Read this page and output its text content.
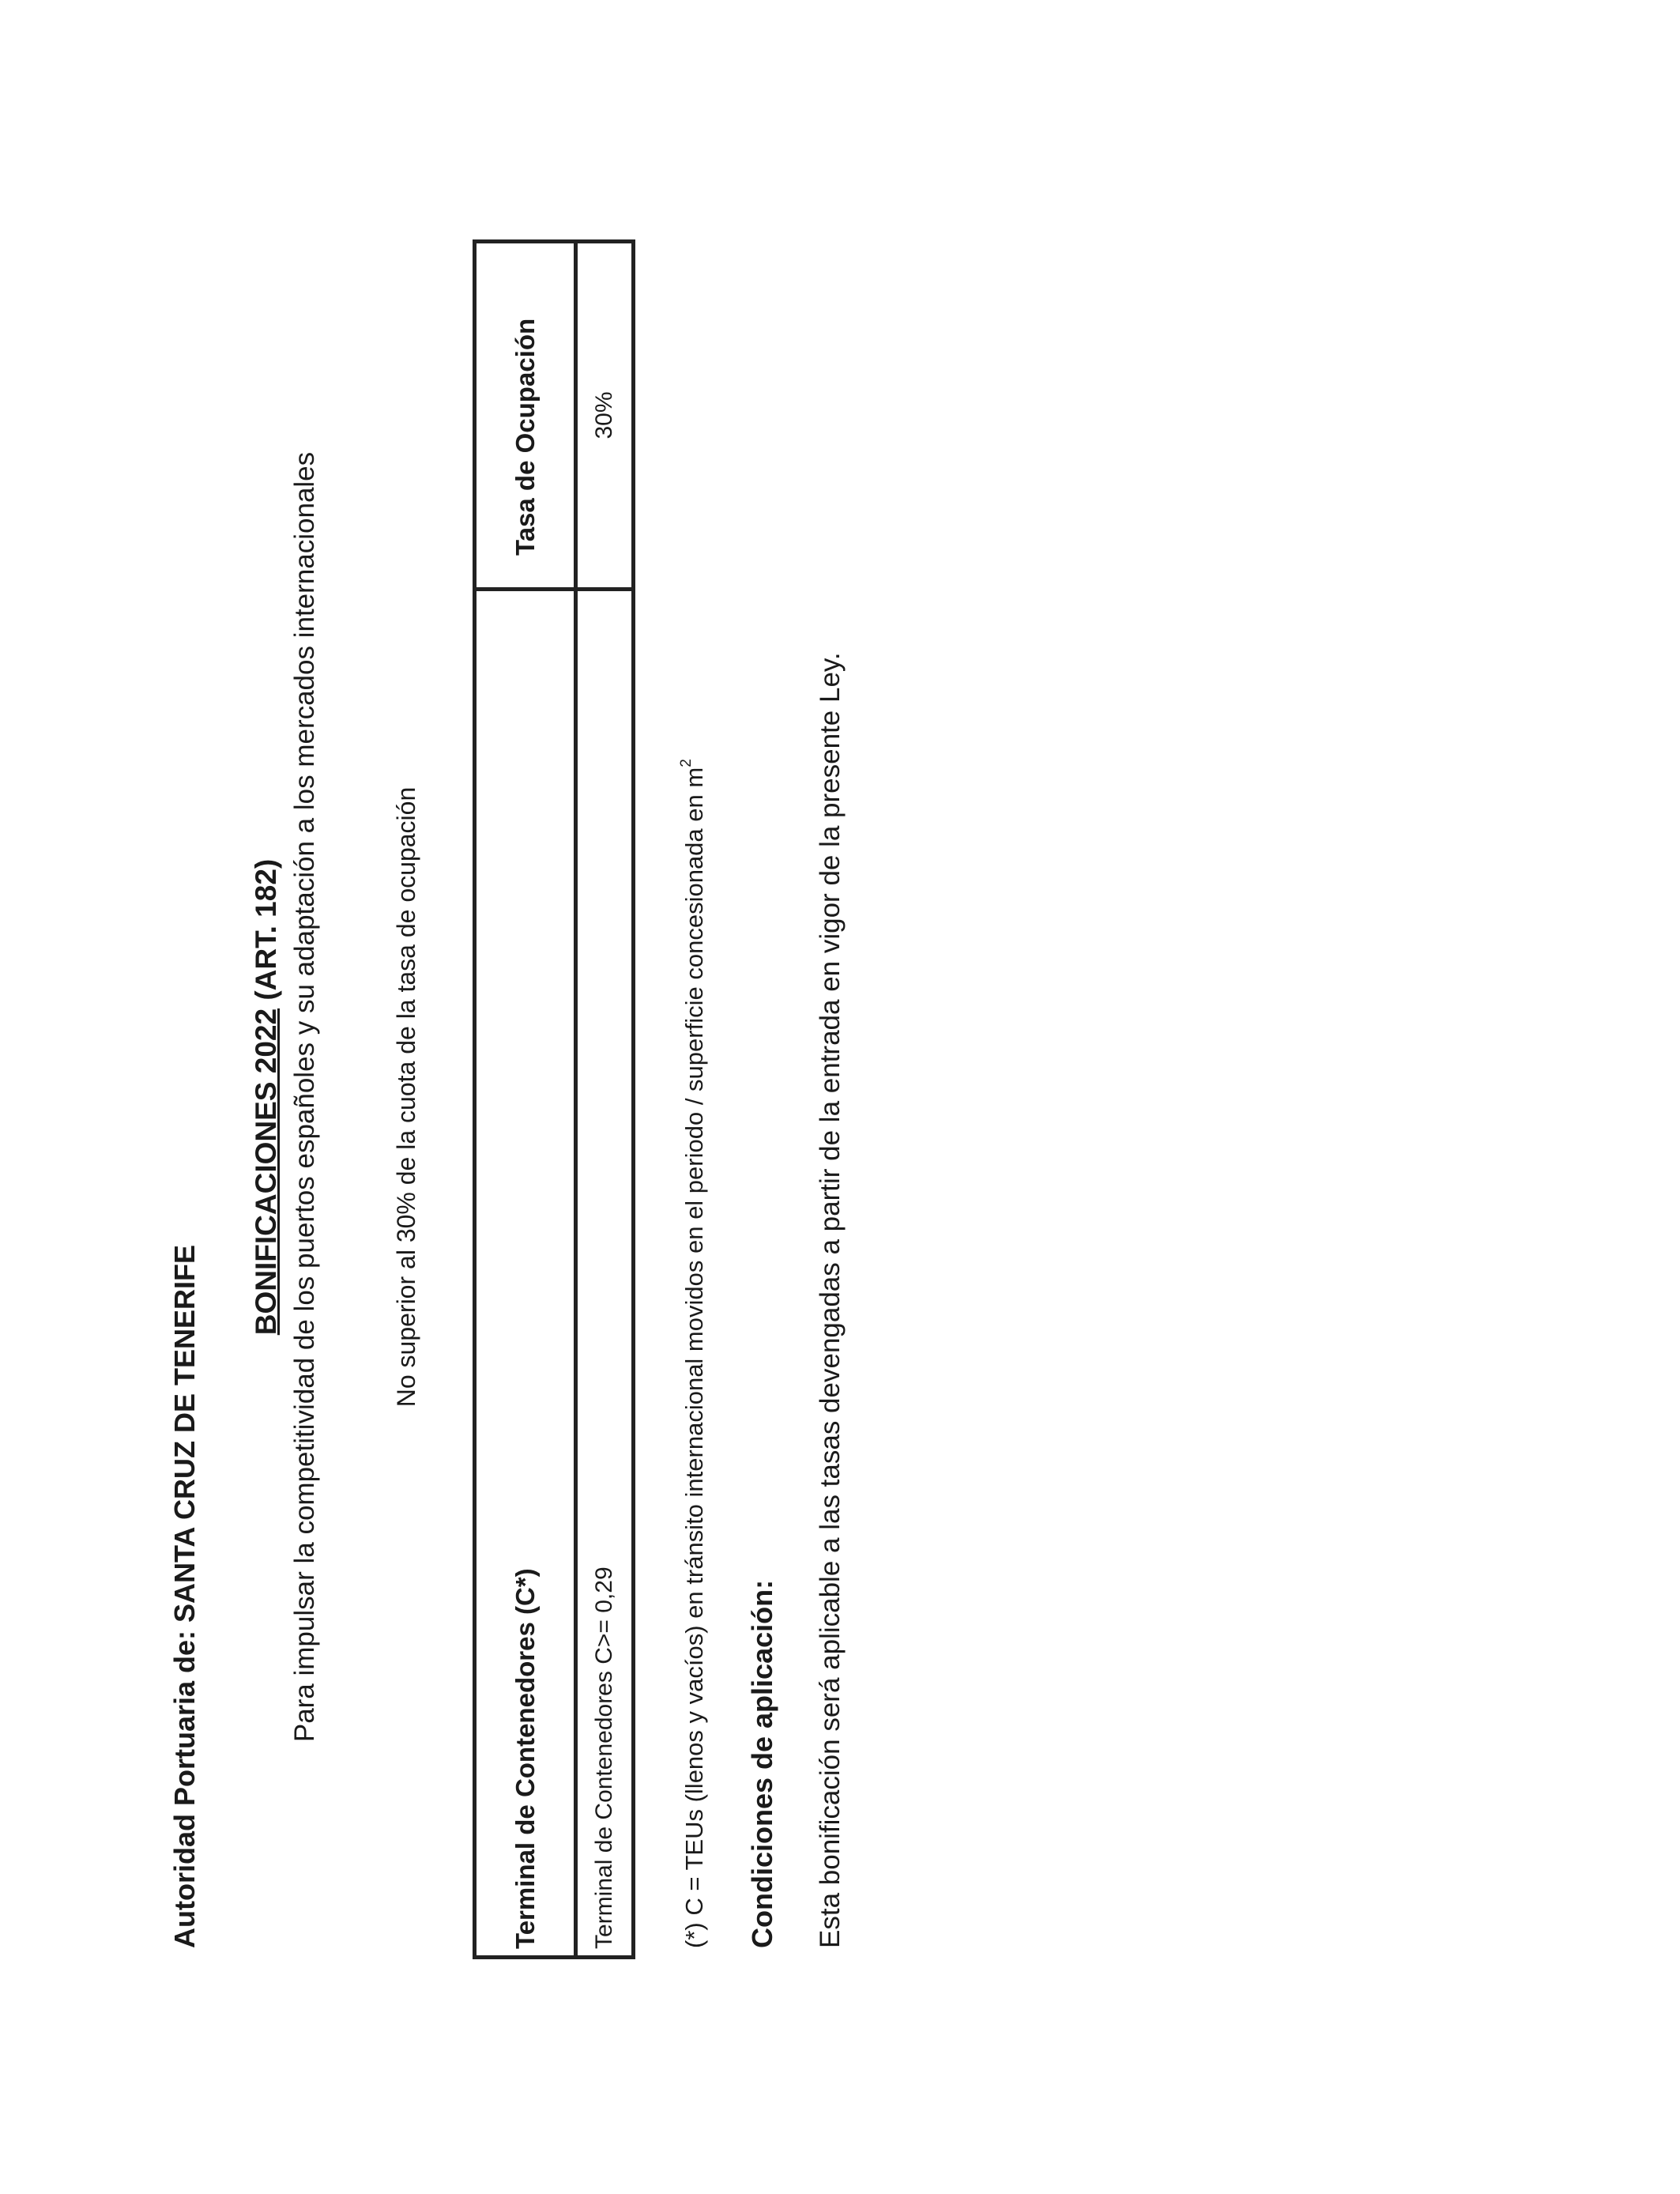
Autoridad Portuaria de: SANTA CRUZ DE TENERIFE
BONIFICACIONES 2022 (ART. 182) Para impulsar la competitividad de los puertos españoles y su adaptación a los mercados internacionales	No superior al 30% de la cuota de la tasa de ocupación
Terminal de Contenedores (C*)	Tasa de Ocupación
Terminal de Contenedores C>= 0,29	30%
(*) C = TEUs (llenos y vacíos) en tránsito internacional movidos en el periodo / superficie concesionada en $m^2$
Condiciones de aplicación: Esta bonificación será aplicable a las tasas devengadas a partir de la entrada en vigor de la presente Ley.
